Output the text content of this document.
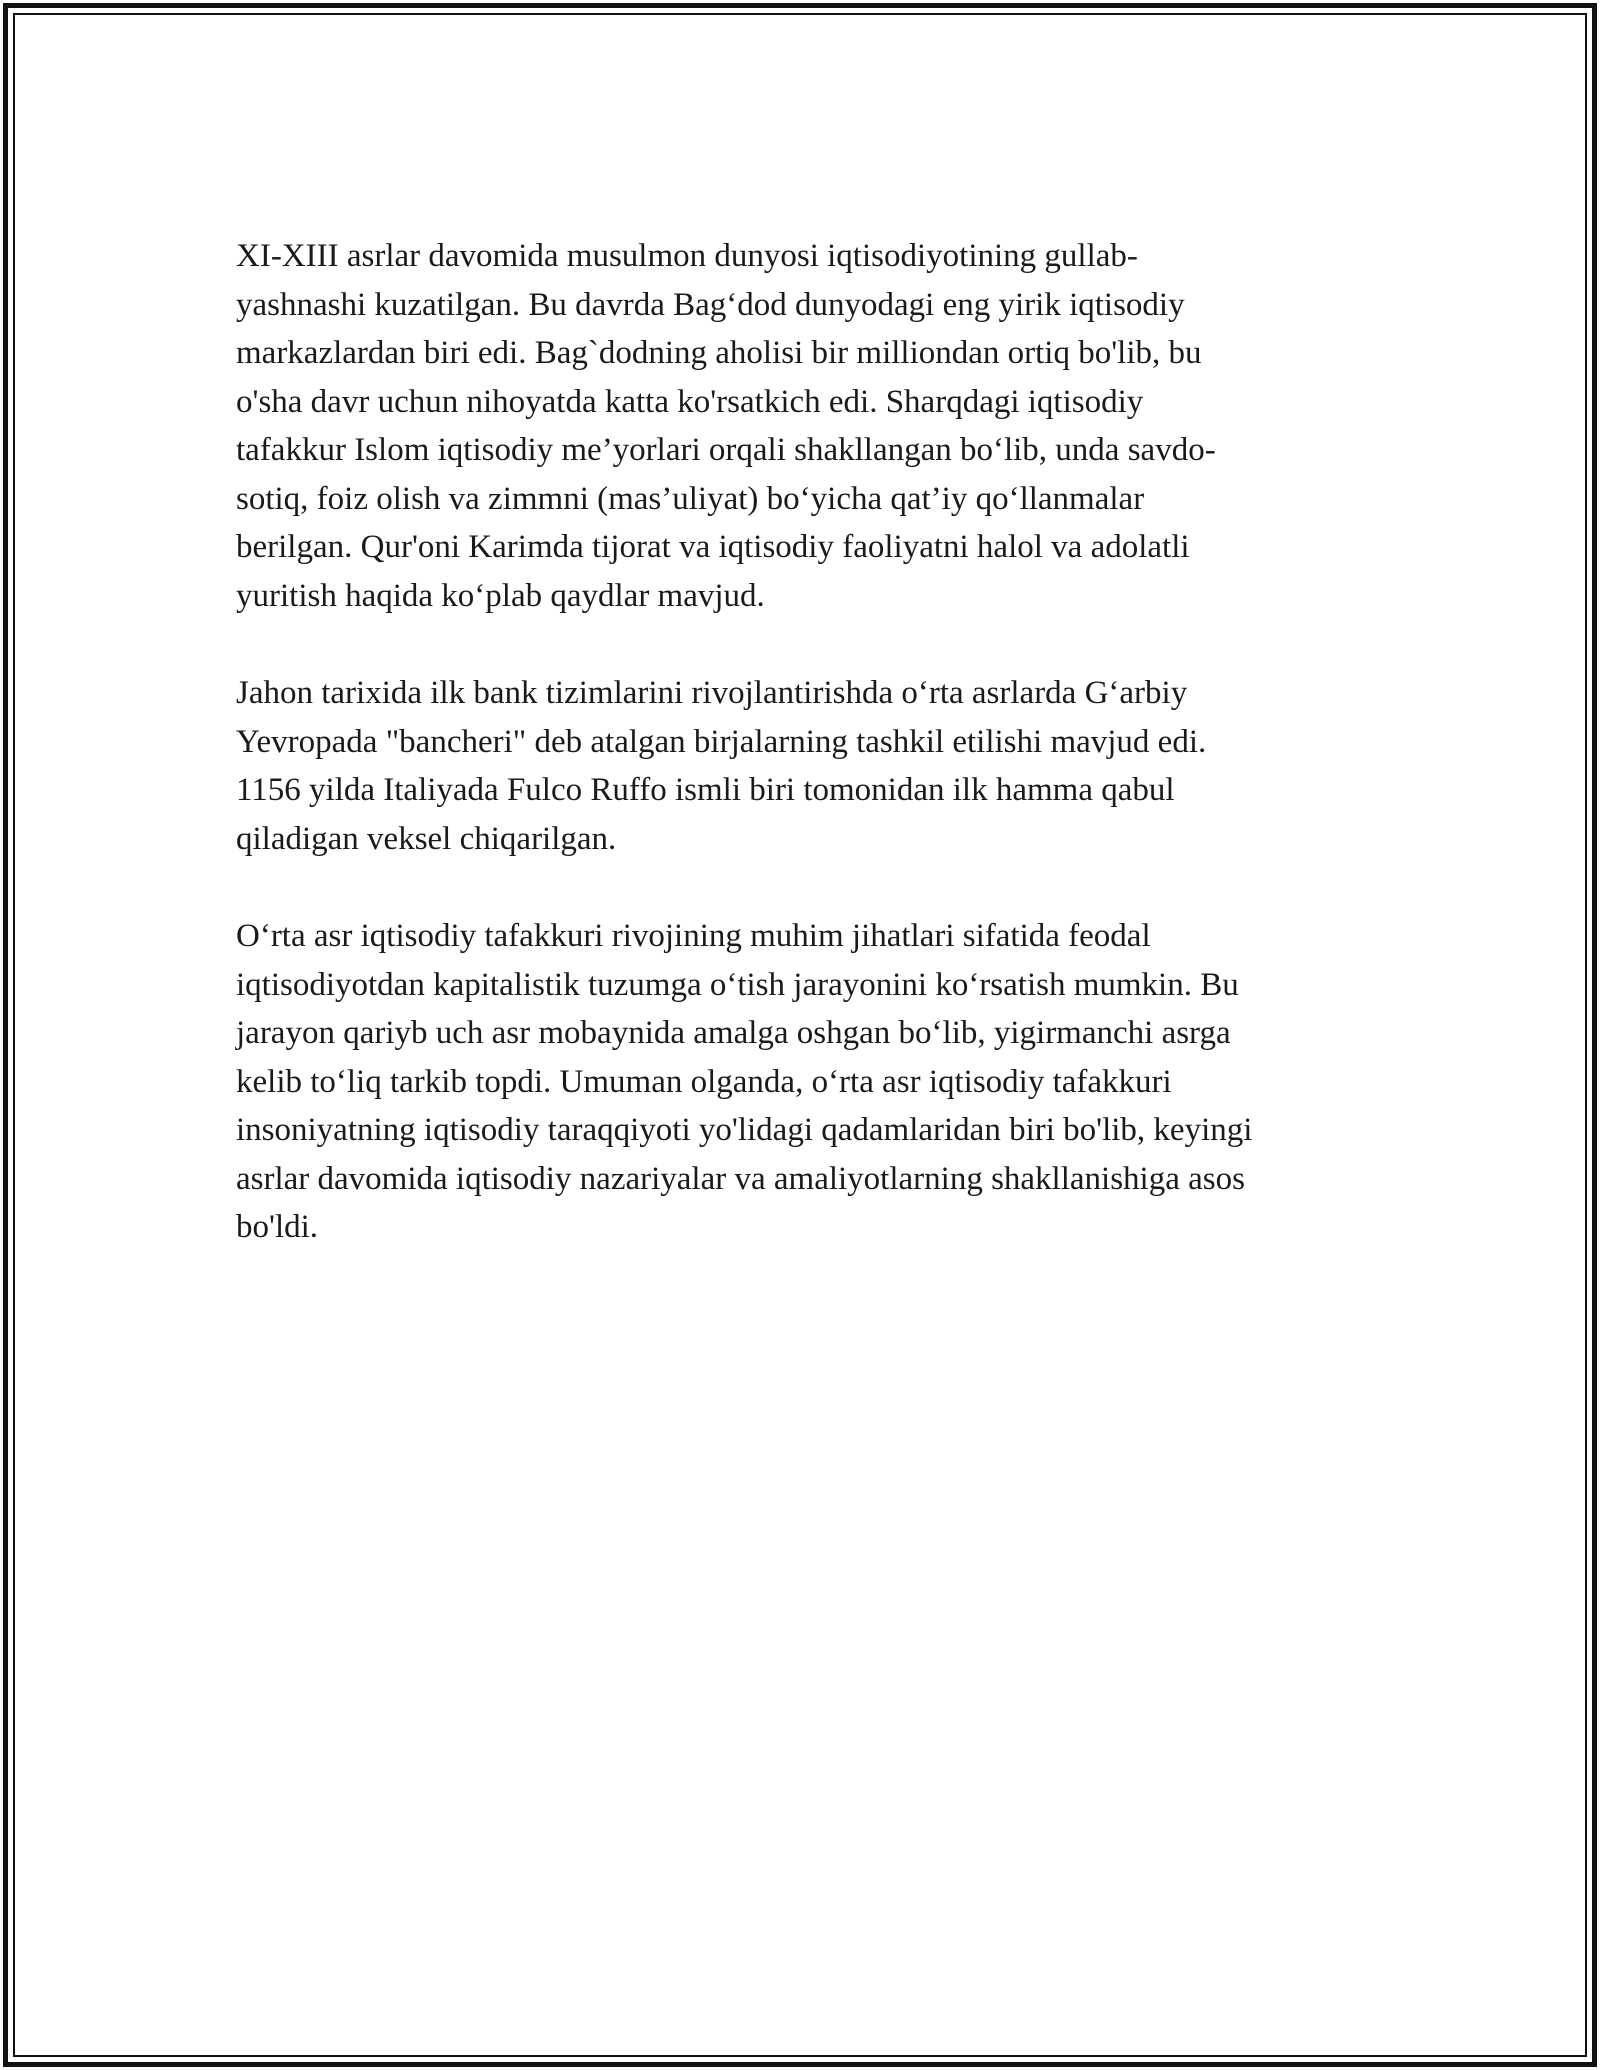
XI-XIII asrlar davomida musulmon dunyosi iqtisodiyotining gullab-

yashnashi kuzatilgan. Bu davrda Bag‘dod dunyodagi eng yirik iqtisodiy

markazlardan biri edi. Bag`dodning aholisi bir milliondan ortiq bo'lib, bu

o'sha davr uchun nihoyatda katta ko'rsatkich edi. Sharqdagi iqtisodiy

tafakkur Islom iqtisodiy me’yorlari orqali shakllangan bo‘lib, unda savdo-

sotiq, foiz olish va zimmni (mas’uliyat) bo‘yicha qat’iy qo‘llanmalar

berilgan. Qur'oni Karimda tijorat va iqtisodiy faoliyatni halol va adolatli

yuritish haqida ko‘plab qaydlar mavjud.

Jahon tarixida ilk bank tizimlarini rivojlantirishda o‘rta asrlarda G‘arbiy

Yevropada "bancheri" deb atalgan birjalarning tashkil etilishi mavjud edi.

1156 yilda Italiyada Fulco Ruffo ismli biri tomonidan ilk hamma qabul

qiladigan veksel chiqarilgan.

O‘rta asr iqtisodiy tafakkuri rivojining muhim jihatlari sifatida feodal

iqtisodiyotdan kapitalistik tuzumga o‘tish jarayonini ko‘rsatish mumkin. Bu

jarayon qariyb uch asr mobaynida amalga oshgan bo‘lib, yigirmanchi asrga

kelib to‘liq tarkib topdi. Umuman olganda, o‘rta asr iqtisodiy tafakkuri

insoniyatning iqtisodiy taraqqiyoti yo'lidagi qadamlaridan biri bo'lib, keyingi

asrlar davomida iqtisodiy nazariyalar va amaliyotlarning shakllanishiga asos

bo'ldi.
